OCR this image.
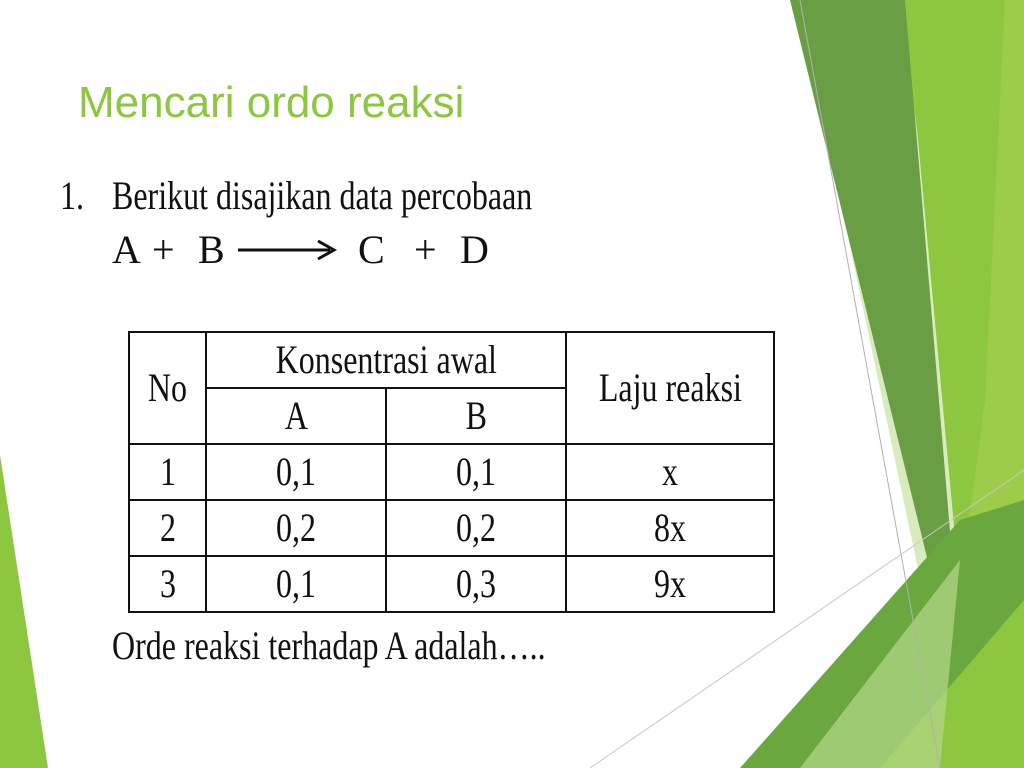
Mencari ordo reaksi
1. Berikut disajikan data percobaan
A + B	C + D
No	Konsentrasi awal		Laju reaksi
	A	B	
1	0,1	0,1	x
2	0,2	0,2	8x
3	0,1	0,3	9x
Orde reaksi terhadap A adalah…..
